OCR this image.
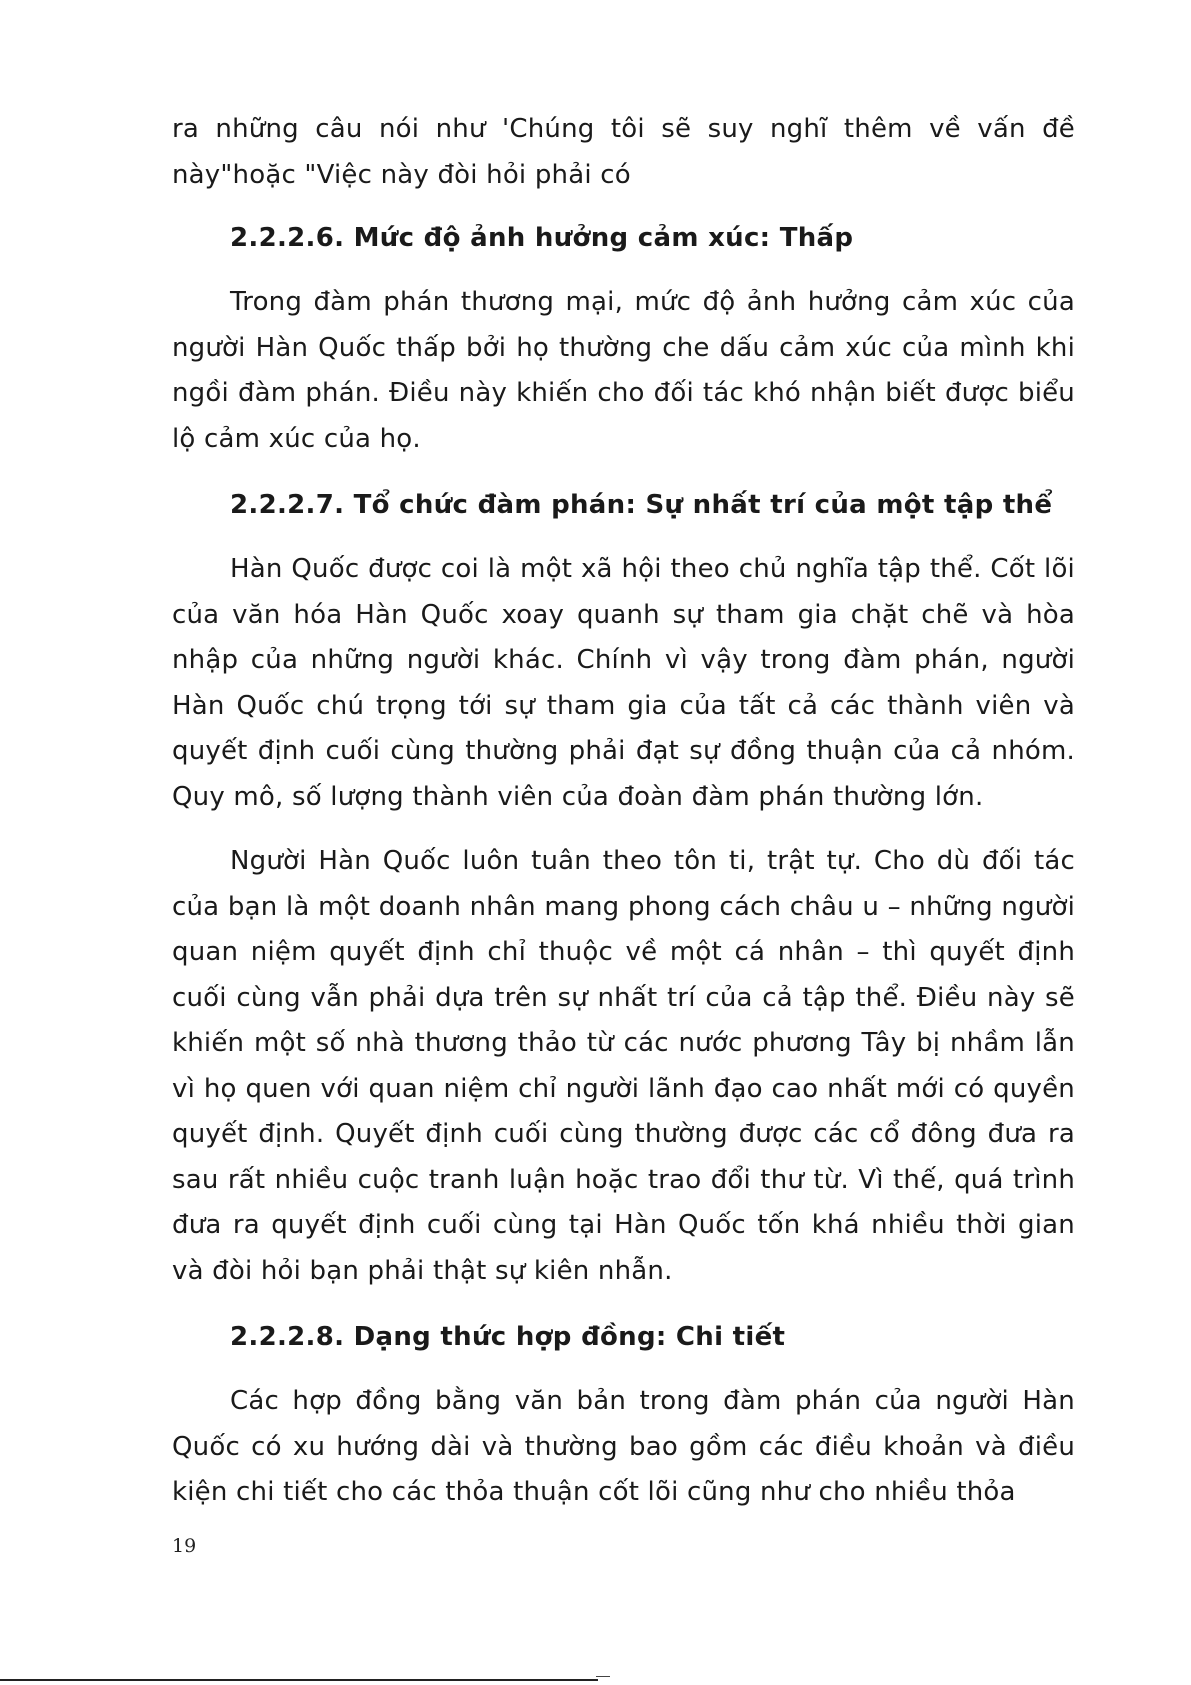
ra những câu nói như 'Chúng tôi sẽ suy nghĩ thêm về vấn đề này"hoặc "Việc này đòi hỏi phải có

2.2.2.6. Mức độ ảnh hưởng cảm xúc: Thấp

Trong đàm phán thương mại, mức độ ảnh hưởng cảm xúc của người Hàn Quốc thấp bởi họ thường che dấu cảm xúc của mình khi ngồi đàm phán. Điều này khiến cho đối tác khó nhận biết được biểu lộ cảm xúc của họ.

2.2.2.7. Tổ chức đàm phán: Sự nhất trí của một tập thể

Hàn Quốc được coi là một xã hội theo chủ nghĩa tập thể. Cốt lõi của văn hóa Hàn Quốc xoay quanh sự tham gia chặt chẽ và hòa nhập của những người khác. Chính vì vậy trong đàm phán, người Hàn Quốc chú trọng tới sự tham gia của tất cả các thành viên và quyết định cuối cùng thường phải đạt sự đồng thuận của cả nhóm. Quy mô, số lượng thành viên của đoàn đàm phán thường lớn.

Người Hàn Quốc luôn tuân theo tôn ti, trật tự. Cho dù đối tác của bạn là một doanh nhân mang phong cách châu u – những người quan niệm quyết định chỉ thuộc về một cá nhân – thì quyết định cuối cùng vẫn phải dựa trên sự nhất trí của cả tập thể. Điều này sẽ khiến một số nhà thương thảo từ các nước phương Tây bị nhầm lẫn vì họ quen với quan niệm chỉ người lãnh đạo cao nhất mới có quyền quyết định. Quyết định cuối cùng thường được các cổ đông đưa ra sau rất nhiều cuộc tranh luận hoặc trao đổi thư từ. Vì thế, quá trình đưa ra quyết định cuối cùng tại Hàn Quốc tốn khá nhiều thời gian và đòi hỏi bạn phải thật sự kiên nhẫn.

2.2.2.8. Dạng thức hợp đồng: Chi tiết

Các hợp đồng bằng văn bản trong đàm phán của người Hàn Quốc có xu hướng dài và thường bao gồm các điều khoản và điều kiện chi tiết cho các thỏa thuận cốt lõi cũng như cho nhiều thỏa

19
